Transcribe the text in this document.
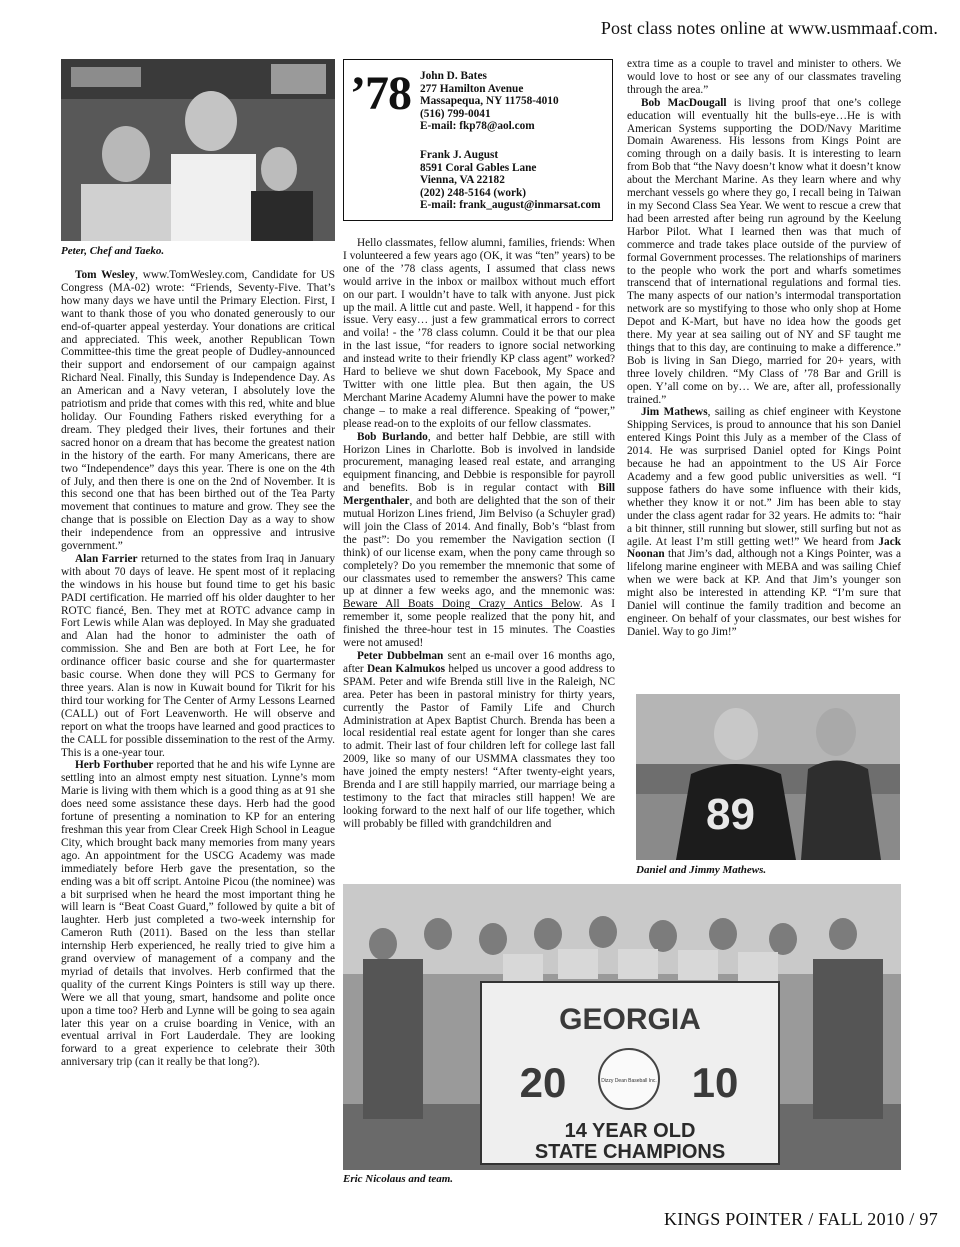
Post class notes online at www.usmmaaf.com.
KINGS POINTER / FALL 2010 / 97
Peter, Chef and Taeko.

Tom Wesley, www.TomWesley.com, Candidate for US Congress (MA-02) wrote: “Friends, Seventy-Five. That’s how many days we have until the Primary Election. First, I want to thank those of you who donated generously to our end-of-quarter appeal yesterday. Your donations are critical and appreciated. This week, another Republican Town Committee-this time the great people of Dudley-announced their support and endorsement of our campaign against Richard Neal. Finally, this Sunday is Independence Day. As an American and a Navy veteran, I absolutely love the patriotism and pride that comes with this red, white and blue holiday. Our Founding Fathers risked everything for a dream. They pledged their lives, their fortunes and their sacred honor on a dream that has become the greatest nation in the history of the earth. For many Americans, there are two “Independence” days this year. There is one on the 4th of July, and then there is one on the 2nd of November. It is this second one that has been birthed out of the Tea Party movement that continues to mature and grow. They see the change that is possible on Election Day as a way to show their independence from an oppressive and intrusive government.”

Alan Farrier returned to the states from Iraq in January with about 70 days of leave. He spent most of it replacing the windows in his house but found time to get his basic PADI certification. He married off his older daughter to her ROTC fiancé, Ben. They met at ROTC advance camp in Fort Lewis while Alan was deployed. In May she graduated and Alan had the honor to administer the oath of commission. She and Ben are both at Fort Lee, he for ordinance officer basic course and she for quartermaster basic course. When done they will PCS to Germany for three years. Alan is now in Kuwait bound for Tikrit for his third tour working for The Center of Army Lessons Learned (CALL) out of Fort Leavenworth. He will observe and report on what the troops have learned and good practices to the CALL for possible dissemination to the rest of the Army. This is a one-year tour.

Herb Forthuber reported that he and his wife Lynne are settling into an almost empty nest situation. Lynne’s mom Marie is living with them which is a good thing as at 91 she does need some assistance these days. Herb had the good fortune of presenting a nomination to KP for an entering freshman this year from Clear Creek High School in League City, which brought back many memories from many years ago. An appointment for the USCG Academy was made immediately before Herb gave the presentation, so the ending was a bit off script. Antoine Picou (the nominee) was a bit surprised when he heard the most important thing he will learn is “Beat Coast Guard,” followed by quite a bit of laughter. Herb just completed a two-week internship for Cameron Ruth (2011). Based on the less than stellar internship Herb experienced, he really tried to give him a grand overview of management of a company and the myriad of details that involves. Herb confirmed that the quality of the current Kings Pointers is still way up there. Were we all that young, smart, handsome and polite once upon a time too? Herb and Lynne will be going to sea again later this year on a cruise boarding in Venice, with an eventual arrival in Fort Lauderdale. They are looking forward to a great experience to celebrate their 30th anniversary trip (can it really be that long?).

’78 John D. Bates
277 Hamilton Avenue
Massapequa, NY 11758-4010
(516) 799-0041
E-mail: fkp78@aol.com
Frank J. August
8591 Coral Gables Lane
Vienna, VA 22182
(202) 248-5164 (work)
E-mail: frank_august@inmarsat.com

Hello classmates, fellow alumni, families, friends: When I volunteered a few years ago (OK, it was “ten” years) to be one of the ’78 class agents, I assumed that class news would arrive in the inbox or mailbox without much effort on our part. I wouldn’t have to talk with anyone. Just pick up the mail. A little cut and paste. Well, it happend - for this issue. Very easy… just a few grammatical errors to correct and voila! - the ’78 class column. Could it be that our plea in the last issue, “for readers to ignore social networking and instead write to their friendly KP class agent” worked? Hard to believe we shut down Facebook, My Space and Twitter with one little plea. But then again, the US Merchant Marine Academy Alumni have the power to make change – to make a real difference. Speaking of “power,” please read-on to the exploits of our fellow classmates.

Bob Burlando, and better half Debbie, are still with Horizon Lines in Charlotte. Bob is involved in landside procurement, managing leased real estate, and arranging equipment financing, and Debbie is responsible for payroll and benefits. Bob is in regular contact with Bill Mergenthaler, and both are delighted that the son of their mutual Horizon Lines friend, Jim Belviso (a Schuyler grad) will join the Class of 2014. And finally, Bob’s “blast from the past”: Do you remember the Navigation section (I think) of our license exam, when the pony came through so completely? Do you remember the mnemonic that some of our classmates used to remember the answers? This came up at dinner a few weeks ago, and the mnemonic was: Beware All Boats Doing Crazy Antics Below. As I remember it, some people realized that the pony hit, and finished the three-hour test in 15 minutes. The Coasties were not amused!

Peter Dubbelman sent an e-mail over 16 months ago, after Dean Kalmukos helped us uncover a good address to SPAM. Peter and wife Brenda still live in the Raleigh, NC area. Peter has been in pastoral ministry for thirty years, currently the Pastor of Family Life and Church Administration at Apex Baptist Church. Brenda has been a local residential real estate agent for longer than she cares to admit. Their last of four children left for college last fall 2009, like so many of our USMMA classmates they too have joined the empty nesters! “After twenty-eight years, Brenda and I are still happily married, our marriage being a testimony to the fact that miracles still happen! We are looking forward to the next half of our life together, which will probably be filled with grandchildren and

extra time as a couple to travel and minister to others. We would love to host or see any of our classmates traveling through the area.”

Bob MacDougall is living proof that one’s college education will eventually hit the bulls-eye…He is with American Systems supporting the DOD/Navy Maritime Domain Awareness. His lessons from Kings Point are coming through on a daily basis. It is interesting to learn from Bob that “the Navy doesn’t know what it doesn’t know about the Merchant Marine. As they learn where and why merchant vessels go where they go, I recall being in Taiwan in my Second Class Sea Year. We went to rescue a crew that had been arrested after being run aground by the Keelung Harbor Pilot. What I learned then was that much of commerce and trade takes place outside of the purview of formal Government processes. The relationships of mariners to the people who work the port and wharfs sometimes transcend that of international regulations and formal ties. The many aspects of our nation’s intermodal transportation network are so mystifying to those who only shop at Home Depot and K-Mart, but have no idea how the goods get there. My year at sea sailing out of NY and SF taught me things that to this day, are continuing to make a difference.” Bob is living in San Diego, married for 20+ years, with three lovely children. “My Class of ’78 Bar and Grill is open. Y’all come on by… We are, after all, professionally trained.”

Jim Mathews, sailing as chief engineer with Keystone Shipping Services, is proud to announce that his son Daniel entered Kings Point this July as a member of the Class of 2014. He was surprised Daniel opted for Kings Point because he had an appointment to the US Air Force Academy and a few good public universities as well. “I suppose fathers do have some influence with their kids, whether they know it or not.” Jim has been able to stay under the class agent radar for 32 years. He admits to: “hair a bit thinner, still running but slower, still surfing but not as agile. At least I’m still getting wet!” We heard from Jack Noonan that Jim’s dad, although not a Kings Pointer, was a lifelong marine engineer with MEBA and was sailing Chief when we were back at KP. And that Jim’s younger son might also be interested in attending KP. “I’m sure that Daniel will continue the family tradition and become an engineer. On behalf of your classmates, our best wishes for Daniel. Way to go Jim!”

89
Daniel and Jimmy Mathews.
GEORGIA
20	10
Dizzy Dean Baseball Inc.
14 YEAR OLD
STATE CHAMPIONS
Eric Nicolaus and team.
